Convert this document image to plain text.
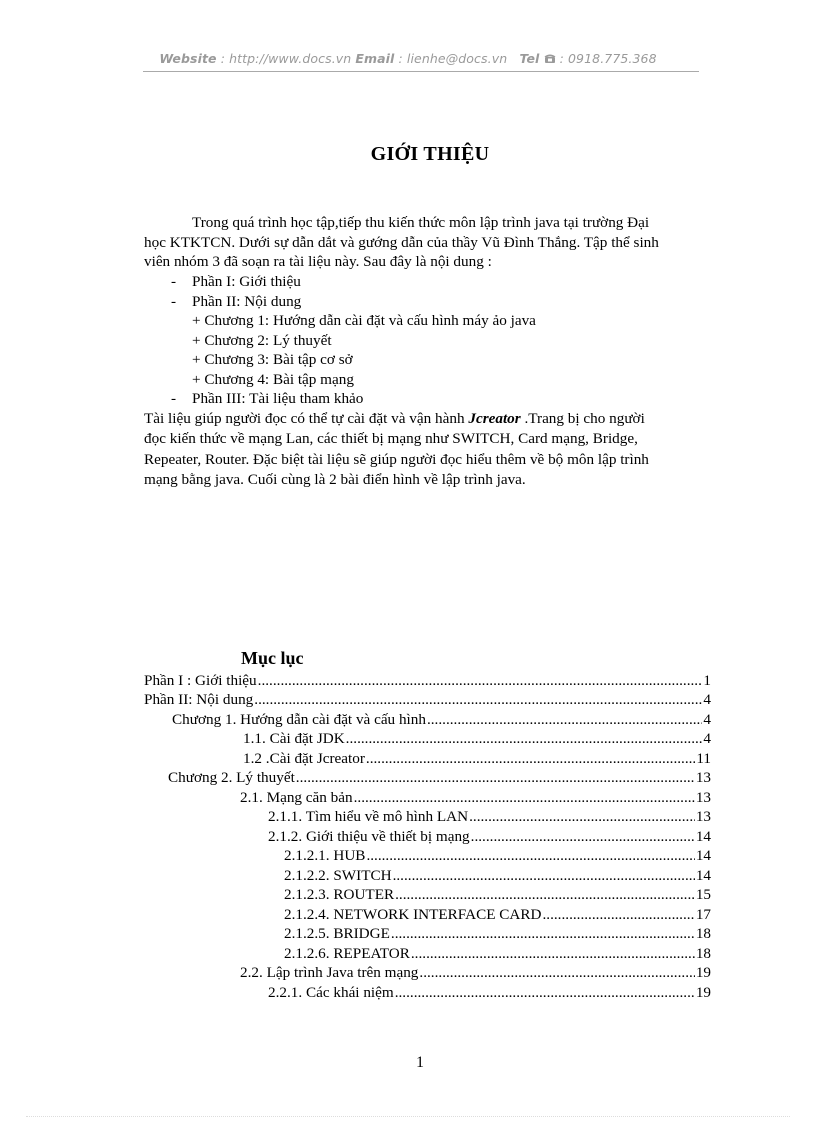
Website : http://www.docs.vn Email : lienhe@docs.vn   Tel  : 0918.775.368
GIỚI THIỆU
Trong quá trình học tập,tiếp thu kiến thức môn lập trình java tại trường Đại
học KTKTCN. Dưới sự dẫn dắt và gướng dẫn của thầy Vũ Đình Thắng. Tập thể sinh
viên nhóm 3 đã soạn ra tài liệu này. Sau đây là nội dung :
- Phần I: Giới thiệu
- Phần II: Nội dung
+ Chương 1: Hướng dẫn cài đặt và cấu hình máy ảo java
+ Chương 2: Lý thuyết
+ Chương 3: Bài tập cơ sở
+ Chương 4: Bài tập mạng
- Phần III: Tài liệu tham khảo
Tài liệu giúp người đọc có thể tự cài đặt và vận hành Jcreator .Trang bị cho người
đọc kiến thức về mạng Lan, các thiết bị mạng như SWITCH, Card mạng, Bridge,
Repeater, Router. Đặc biệt tài liệu sẽ giúp người đọc hiểu thêm về bộ môn lập trình
mạng bằng java. Cuối cùng là 2 bài điển hình về lập trình java.
Mục lục
Phần I : Giới thiệu .....	1
Phần II: Nội dung .....	4
Chương 1. Hướng dẫn cài đặt và cấu hình .....	4
1.1. Cài đặt JDK .....	4
1.2 .Cài đặt Jcreator .....	11
Chương 2. Lý thuyết .....	13
2.1. Mạng căn bản .....	13
2.1.1. Tìm hiểu về mô hình LAN .....	13
2.1.2. Giới thiệu về thiết bị mạng .....	14
2.1.2.1. HUB .....	14
2.1.2.2. SWITCH .....	14
2.1.2.3. ROUTER .....	15
2.1.2.4. NETWORK INTERFACE CARD .....	17
2.1.2.5. BRIDGE .....	18
2.1.2.6. REPEATOR .....	18
2.2. Lập trình Java trên mạng .....	19
2.2.1. Các khái niệm .....	19
1
